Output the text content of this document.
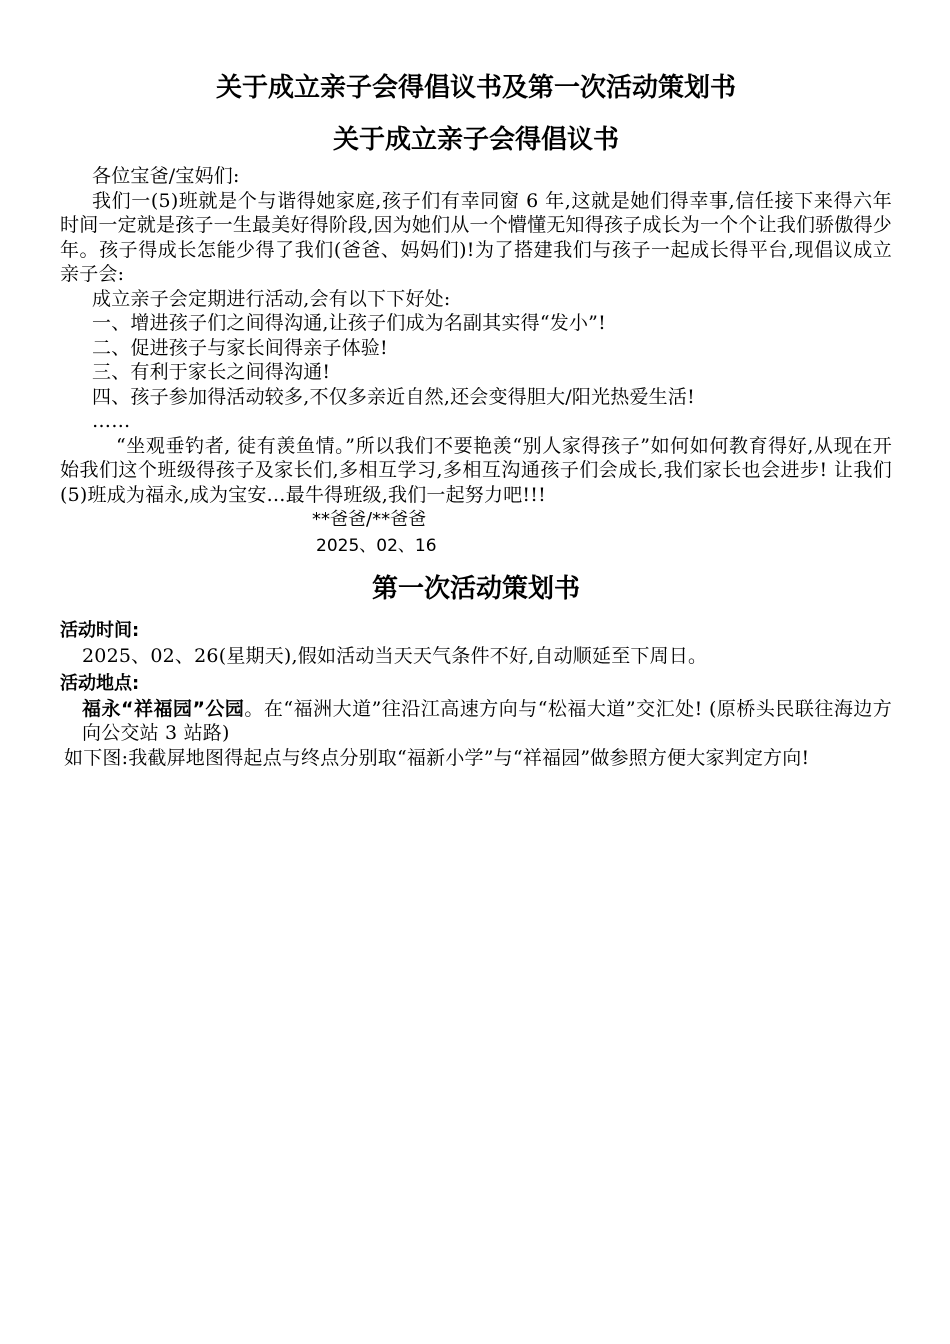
关于成立亲子会得倡议书及第一次活动策划书
关于成立亲子会得倡议书

各位宝爸/宝妈们:

我们一(5)班就是个与谐得她家庭,孩子们有幸同窗 6 年,这就是她们得幸事,信任接下来得六年时间一定就是孩子一生最美好得阶段,因为她们从一个懵懂无知得孩子成长为一个个让我们骄傲得少年。孩子得成长怎能少得了我们(爸爸、妈妈们)!为了搭建我们与孩子一起成长得平台,现倡议成立亲子会:

成立亲子会定期进行活动,会有以下下好处:

一、增进孩子们之间得沟通,让孩子们成为名副其实得“发小”!

二、促进孩子与家长间得亲子体验!

三、有利于家长之间得沟通!

四、孩子参加得活动较多,不仅多亲近自然,还会变得胆大/阳光热爱生活!

……

“坐观垂钓者, 徒有羡鱼情。”所以我们不要艳羡“别人家得孩子”如何如何教育得好,从现在开始我们这个班级得孩子及家长们,多相互学习,多相互沟通孩子们会成长,我们家长也会进步! 让我们(5)班成为福永,成为宝安…最牛得班级,我们一起努力吧!!!

**爸爸/**爸爸
2025、02、16
第一次活动策划书
活动时间:

2025、02、26(星期天),假如活动当天天气条件不好,自动顺延至下周日。

活动地点:

福永“祥福园”公园。在“福洲大道”往沿江高速方向与“松福大道”交汇处! (原桥头民联往海边方向公交站 3 站路)

如下图:我截屏地图得起点与终点分别取“福新小学”与“祥福园”做参照方便大家判定方向!
